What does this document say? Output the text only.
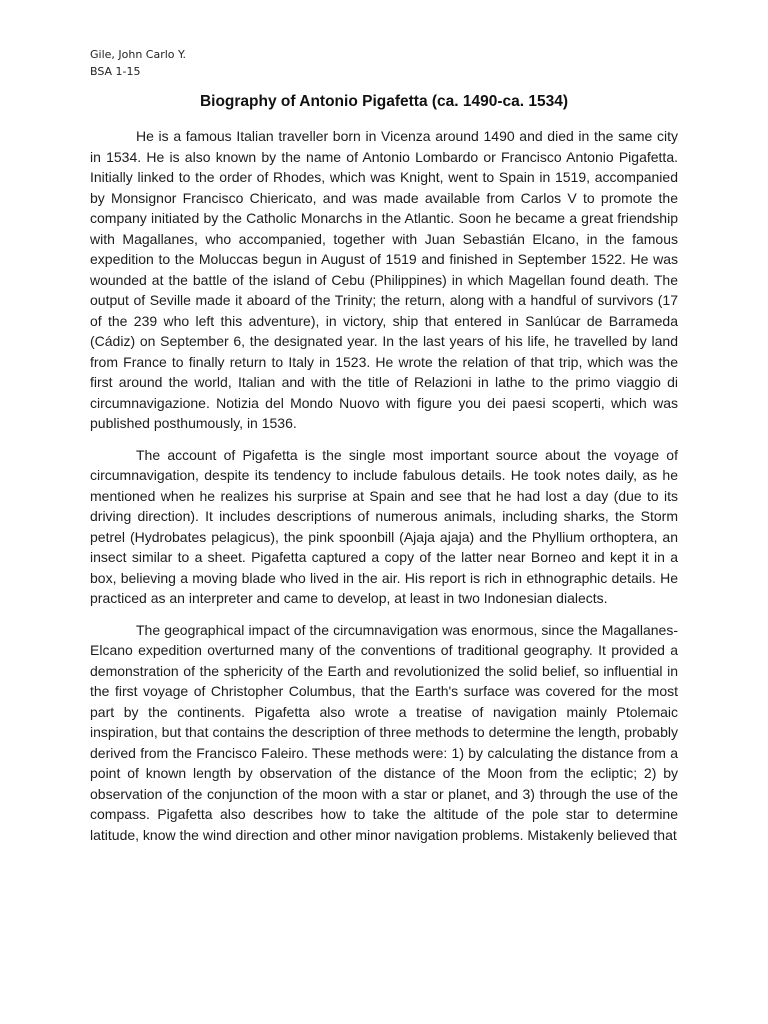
Gile, John Carlo Y.
BSA 1-15
Biography of Antonio Pigafetta (ca. 1490-ca. 1534)

He is a famous Italian traveller born in Vicenza around 1490 and died in the same city in 1534. He is also known by the name of Antonio Lombardo or Francisco Antonio Pigafetta. Initially linked to the order of Rhodes, which was Knight, went to Spain in 1519, accompanied by Monsignor Francisco Chiericato, and was made available from Carlos V to promote the company initiated by the Catholic Monarchs in the Atlantic. Soon he became a great friendship with Magallanes, who accompanied, together with Juan Sebastián Elcano, in the famous expedition to the Moluccas begun in August of 1519 and finished in September 1522. He was wounded at the battle of the island of Cebu (Philippines) in which Magellan found death. The output of Seville made it aboard of the Trinity; the return, along with a handful of survivors (17 of the 239 who left this adventure), in victory, ship that entered in Sanlúcar de Barrameda (Cádiz) on September 6, the designated year. In the last years of his life, he travelled by land from France to finally return to Italy in 1523. He wrote the relation of that trip, which was the first around the world, Italian and with the title of Relazioni in lathe to the primo viaggio di circumnavigazione. Notizia del Mondo Nuovo with figure you dei paesi scoperti, which was published posthumously, in 1536.

The account of Pigafetta is the single most important source about the voyage of circumnavigation, despite its tendency to include fabulous details. He took notes daily, as he mentioned when he realizes his surprise at Spain and see that he had lost a day (due to its driving direction). It includes descriptions of numerous animals, including sharks, the Storm petrel (Hydrobates pelagicus), the pink spoonbill (Ajaja ajaja) and the Phyllium orthoptera, an insect similar to a sheet. Pigafetta captured a copy of the latter near Borneo and kept it in a box, believing a moving blade who lived in the air. His report is rich in ethnographic details. He practiced as an interpreter and came to develop, at least in two Indonesian dialects.

The geographical impact of the circumnavigation was enormous, since the Magallanes-Elcano expedition overturned many of the conventions of traditional geography. It provided a demonstration of the sphericity of the Earth and revolutionized the solid belief, so influential in the first voyage of Christopher Columbus, that the Earth's surface was covered for the most part by the continents. Pigafetta also wrote a treatise of navigation mainly Ptolemaic inspiration, but that contains the description of three methods to determine the length, probably derived from the Francisco Faleiro. These methods were: 1) by calculating the distance from a point of known length by observation of the distance of the Moon from the ecliptic; 2) by observation of the conjunction of the moon with a star or planet, and 3) through the use of the compass. Pigafetta also describes how to take the altitude of the pole star to determine latitude, know the wind direction and other minor navigation problems. Mistakenly believed that
